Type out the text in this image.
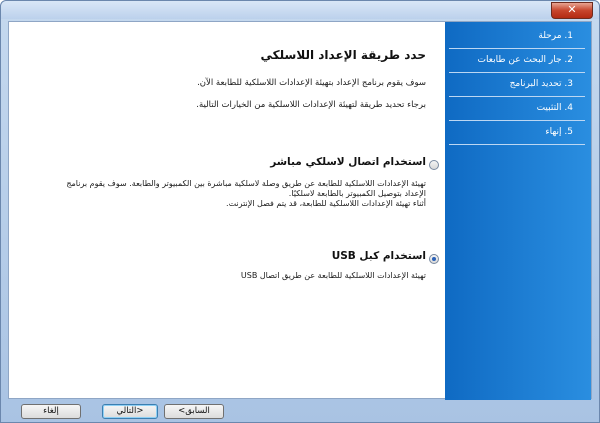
✕
حدد طريقة الإعداد اللاسلكي
سوف يقوم برنامج الإعداد بتهيئة الإعدادات اللاسلكية للطابعة الآن.
برجاء تحديد طريقة لتهيئة الإعدادات اللاسلكية من الخيارات التالية.
استخدام اتصال لاسلكي مباشر
تهيئة الإعدادات اللاسلكية للطابعة عن طريق وصلة لاسلكية مباشرة بين الكمبيوتر والطابعة. سوف يقوم برنامج
الإعداد بتوصيل الكمبيوتر بالطابعة لاسلكيًا.
أثناء تهيئة الإعدادات اللاسلكية للطابعة، قد يتم فصل الإنترنت.
استخدام كبل USB
تهيئة الإعدادات اللاسلكية للطابعة عن طريق اتصال USB
1. مرحلة
2. جار البحث عن طابعات
3. تحديد البرنامج
4. التثبيت
5. إنهاء
إلغاء	التالي>	<السابق
